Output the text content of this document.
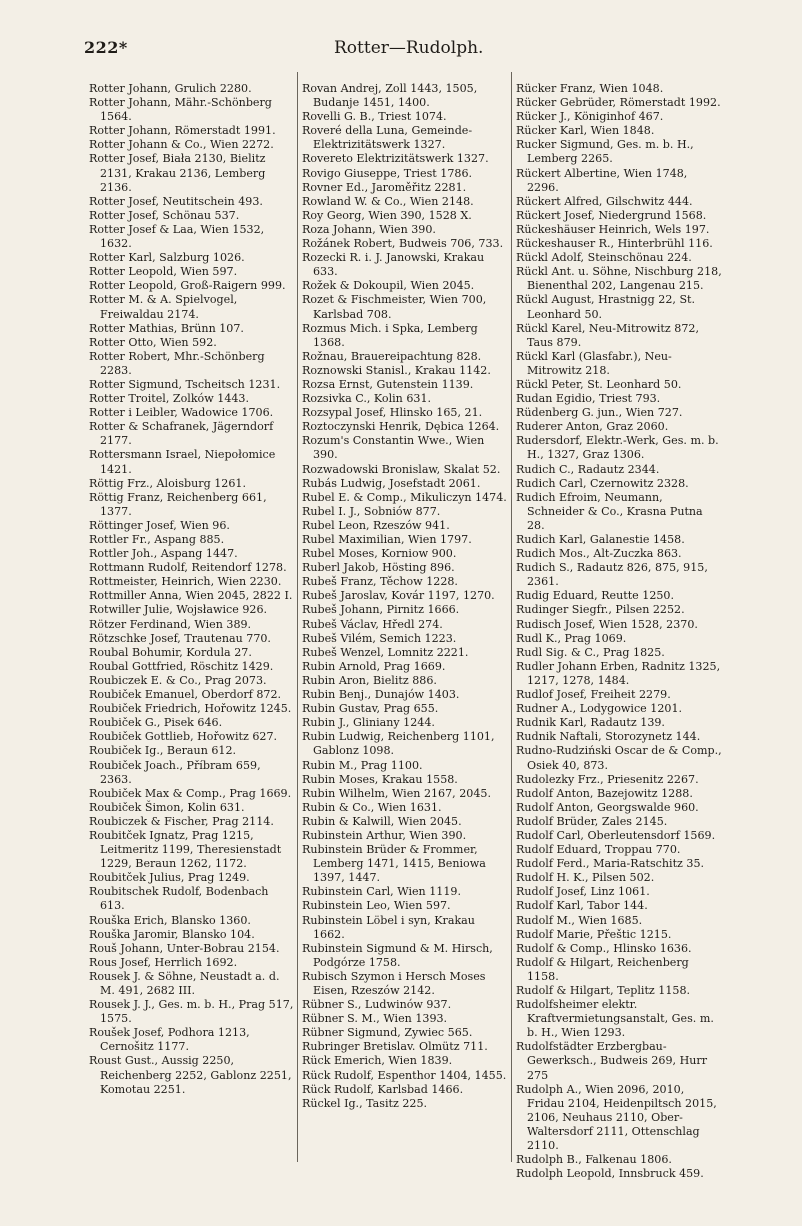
222*	Rotter—Rudolph.
Rotter Johann, Grulich 2280.
Rotter Johann, Mähr.-Schönberg 1564.
Rotter Johann, Römerstadt 1991.
Rotter Johann & Co., Wien 2272.
Rotter Josef, Biała 2130, Bielitz 2131, Krakau 2136, Lemberg 2136.
Rotter Josef, Neutitschein 493.
Rotter Josef, Schönau 537.
Rotter Josef & Laa, Wien 1532, 1632.
Rotter Karl, Salzburg 1026.
Rotter Leopold, Wien 597.
Rotter Leopold, Groß-Raigern 999.
Rotter M. & A. Spielvogel, Freiwaldau 2174.
Rotter Mathias, Brünn 107.
Rotter Otto, Wien 592.
Rotter Robert, Mhr.-Schönberg 2283.
Rotter Sigmund, Tscheitsch 1231.
Rotter Troitel, Zolków 1443.
Rotter i Leibler, Wadowice 1706.
Rotter & Schafranek, Jägerndorf 2177.
Rottersmann Israel, Niepołomice 1421.
Röttig Frz., Aloisburg 1261.
Röttig Franz, Reichenberg 661, 1377.
Röttinger Josef, Wien 96.
Rottler Fr., Aspang 885.
Rottler Joh., Aspang 1447.
Rottmann Rudolf, Reitendorf 1278.
Rottmeister, Heinrich, Wien 2230.
Rottmiller Anna, Wien 2045, 2822 I.
Rotwiller Julie, Wojsławice 926.
Rötzer Ferdinand, Wien 389.
Rötzschke Josef, Trautenau 770.
Roubal Bohumir, Kordula 27.
Roubal Gottfried, Röschitz 1429.
Roubiczek E. & Co., Prag 2073.
Roubiček Emanuel, Oberdorf 872.
Roubiček Friedrich, Hořowitz 1245.
Roubiček G., Pisek 646.
Roubiček Gottlieb, Hořowitz 627.
Roubiček Ig., Beraun 612.
Roubiček Joach., Příbram 659, 2363.
Roubiček Max & Comp., Prag 1669.
Roubiček Šimon, Kolin 631.
Roubiczek & Fischer, Prag 2114.
Roubitček Ignatz, Prag 1215, Leitmeritz 1199, Theresienstadt 1229, Beraun 1262, 1172.
Roubitček Julius, Prag 1249.
Roubitschek Rudolf, Bodenbach 613.
Rouška Erich, Blansko 1360.
Rouška Jaromir, Blansko 104.
Rouš Johann, Unter-Bobrau 2154.
Rous Josef, Herrlich 1692.
Rousek J. & Söhne, Neustadt a. d. M. 491, 2682 III.
Rousek J. J., Ges. m. b. H., Prag 517, 1575.
Roušek Josef, Podhora 1213, Cernošitz 1177.
Roust Gust., Aussig 2250, Reichenberg 2252, Gablonz 2251, Komotau 2251.
Rovan Andrej, Zoll 1443, 1505, Budanje 1451, 1400.
Rovelli G. B., Triest 1074.
Roveré della Luna, Gemeinde-Elektrizitätswerk 1327.
Rovereto Elektrizitätswerk 1327.
Rovigo Giuseppe, Triest 1786.
Rovner Ed., Jaroměřitz 2281.
Rowland W. & Co., Wien 2148.
Roy Georg, Wien 390, 1528 X.
Roza Johann, Wien 390.
Rožánek Robert, Budweis 706, 733.
Rozecki R. i. J. Janowski, Krakau 633.
Rožek & Dokoupil, Wien 2045.
Rozet & Fischmeister, Wien 700, Karlsbad 708.
Rozmus Mich. i Spka, Lemberg 1368.
Rožnau, Brauereipachtung 828.
Roznowski Stanisl., Krakau 1142.
Rozsa Ernst, Gutenstein 1139.
Rozsivka C., Kolin 631.
Rozsypal Josef, Hlinsko 165, 21.
Roztoczynski Henrik, Dębica 1264.
Rozum's Constantin Wwe., Wien 390.
Rozwadowski Bronislaw, Skalat 52.
Rubás Ludwig, Josefstadt 2061.
Rubel E. & Comp., Mikuliczyn 1474.
Rubel I. J., Sobniów 877.
Rubel Leon, Rzeszów 941.
Rubel Maximilian, Wien 1797.
Rubel Moses, Korniow 900.
Ruberl Jakob, Hösting 896.
Rubeš Franz, Těchow 1228.
Rubeš Jaroslav, Kovár 1197, 1270.
Rubeš Johann, Pirnitz 1666.
Rubeš Václav, Hředl 274.
Rubeš Vilém, Semich 1223.
Rubeš Wenzel, Lomnitz 2221.
Rubin Arnold, Prag 1669.
Rubin Aron, Bielitz 886.
Rubin Benj., Dunajów 1403.
Rubin Gustav, Prag 655.
Rubin J., Gliniany 1244.
Rubin Ludwig, Reichenberg 1101, Gablonz 1098.
Rubin M., Prag 1100.
Rubin Moses, Krakau 1558.
Rubin Wilhelm, Wien 2167, 2045.
Rubin & Co., Wien 1631.
Rubin & Kalwill, Wien 2045.
Rubinstein Arthur, Wien 390.
Rubinstein Brüder & Frommer, Lemberg 1471, 1415, Beniowa 1397, 1447.
Rubinstein Carl, Wien 1119.
Rubinstein Leo, Wien 597.
Rubinstein Löbel i syn, Krakau 1662.
Rubinstein Sigmund & M. Hirsch, Podgórze 1758.
Rubisch Szymon i Hersch Moses Eisen, Rzeszów 2142.
Rübner S., Ludwinów 937.
Rübner S. M., Wien 1393.
Rübner Sigmund, Zywiec 565.
Rubringer Bretislav. Olmütz 711.
Rück Emerich, Wien 1839.
Rück Rudolf, Espenthor 1404, 1455.
Rück Rudolf, Karlsbad 1466.
Rückel Ig., Tasitz 225.
Rücker Franz, Wien 1048.
Rücker Gebrüder, Römerstadt 1992.
Rücker J., Königinhof 467.
Rücker Karl, Wien 1848.
Rucker Sigmund, Ges. m. b. H., Lemberg 2265.
Rückert Albertine, Wien 1748, 2296.
Rückert Alfred, Gilschwitz 444.
Rückert Josef, Niedergrund 1568.
Rückeshäuser Heinrich, Wels 197.
Rückeshauser R., Hinterbrühl 116.
Rückl Adolf, Steinschönau 224.
Rückl Ant. u. Söhne, Nischburg 218, Bienenthal 202, Langenau 215.
Rückl August, Hrastnigg 22, St. Leonhard 50.
Rückl Karel, Neu-Mitrowitz 872, Taus 879.
Rückl Karl (Glasfabr.), Neu-Mitrowitz 218.
Rückl Peter, St. Leonhard 50.
Rudan Egidio, Triest 793.
Rüdenberg G. jun., Wien 727.
Ruderer Anton, Graz 2060.
Rudersdorf, Elektr.-Werk, Ges. m. b. H., 1327, Graz 1306.
Rudich C., Radautz 2344.
Rudich Carl, Czernowitz 2328.
Rudich Efroim, Neumann, Schneider & Co., Krasna Putna 28.
Rudich Karl, Galanestie 1458.
Rudich Mos., Alt-Zuczka 863.
Rudich S., Radautz 826, 875, 915, 2361.
Rudig Eduard, Reutte 1250.
Rudinger Siegfr., Pilsen 2252.
Rudisch Josef, Wien 1528, 2370.
Rudl K., Prag 1069.
Rudl Sig. & C., Prag 1825.
Rudler Johann Erben, Radnitz 1325, 1217, 1278, 1484.
Rudlof Josef, Freiheit 2279.
Rudner A., Lodygowice 1201.
Rudnik Karl, Radautz 139.
Rudnik Naftali, Storozynetz 144.
Rudno-Rudziński Oscar de & Comp., Osiek 40, 873.
Rudolezky Frz., Priesenitz 2267.
Rudolf Anton, Bazejowitz 1288.
Rudolf Anton, Georgswalde 960.
Rudolf Brüder, Zales 2145.
Rudolf Carl, Oberleutensdorf 1569.
Rudolf Eduard, Troppau 770.
Rudolf Ferd., Maria-Ratschitz 35.
Rudolf H. K., Pilsen 502.
Rudolf Josef, Linz 1061.
Rudolf Karl, Tabor 144.
Rudolf M., Wien 1685.
Rudolf Marie, Přeštic 1215.
Rudolf & Comp., Hlinsko 1636.
Rudolf & Hilgart, Reichenberg 1158.
Rudolf & Hilgart, Teplitz 1158.
Rudolfsheimer elektr. Kraftvermietungsanstalt, Ges. m. b. H., Wien 1293.
Rudolfstädter Erzbergbau-Gewerksch., Budweis 269, Hurr 275
Rudolph A., Wien 2096, 2010, Fridau 2104, Heidenpiltsch 2015, 2106, Neuhaus 2110, Ober-Waltersdorf 2111, Ottenschlag 2110.
Rudolph B., Falkenau 1806.
Rudolph Leopold, Innsbruck 459.
